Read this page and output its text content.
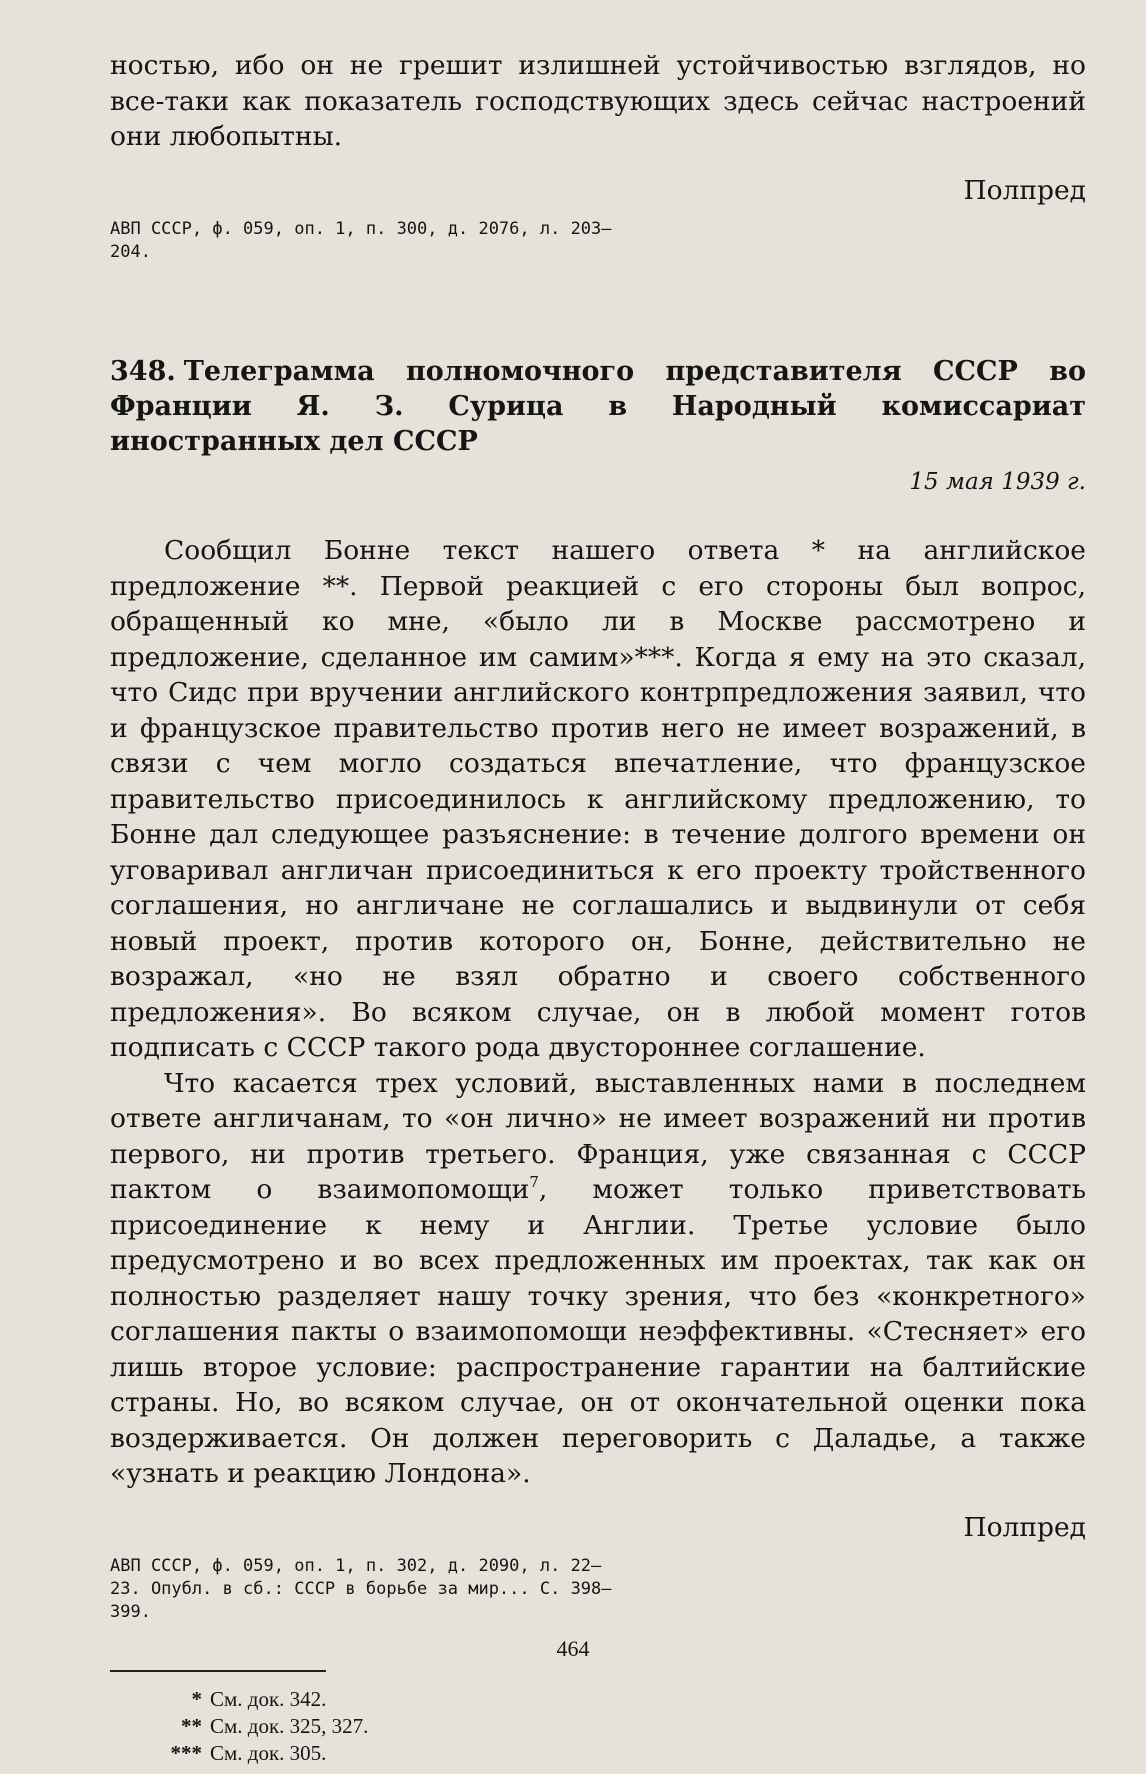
ностью, ибо он не грешит излишней устойчивостью взглядов, но все-таки как показатель господствующих здесь сейчас настроений они любопытны.

Полпред

АВП СССР, ф. 059, оп. 1, п. 300, д. 2076, л. 203—204.

348. Телеграмма полномочного представителя СССР во Франции Я. З. Сурица в Народный комиссариат иностранных дел СССР

15 мая 1939 г.

Сообщил Бонне текст нашего ответа * на английское предложение **. Первой реакцией с его стороны был вопрос, обращенный ко мне, «было ли в Москве рассмотрено и предложение, сделанное им самим»***. Когда я ему на это сказал, что Сидс при вручении английского контрпредложения заявил, что и французское правительство против него не имеет возражений, в связи с чем могло создаться впечатление, что французское правительство присоединилось к английскому предложению, то Бонне дал следующее разъяснение: в течение долгого времени он уговаривал англичан присоединиться к его проекту тройственного соглашения, но англичане не соглашались и выдвинули от себя новый проект, против которого он, Бонне, действительно не возражал, «но не взял обратно и своего собственного предложения». Во всяком случае, он в любой момент готов подписать с СССР такого рода двустороннее соглашение.

Что касается трех условий, выставленных нами в последнем ответе англичанам, то «он лично» не имеет возражений ни против первого, ни против третьего. Франция, уже связанная с СССР пактом о взаимопомощи$^7$, может только приветствовать присоединение к нему и Англии. Третье условие было предусмотрено и во всех предложенных им проектах, так как он полностью разделяет нашу точку зрения, что без «конкретного» соглашения пакты о взаимопомощи неэффективны. «Стесняет» его лишь второе условие: распространение гарантии на балтийские страны. Но, во всяком случае, он от окончательной оценки пока воздерживается. Он должен переговорить с Даладье, а также «узнать и реакцию Лондона».

Полпред

АВП СССР, ф. 059, оп. 1, п. 302, д. 2090, л. 22—23. Опубл. в сб.: СССР в борьбе за мир... С. 398—399.

* См. док. 342.
** См. док. 325, 327.
*** См. док. 305.
464
